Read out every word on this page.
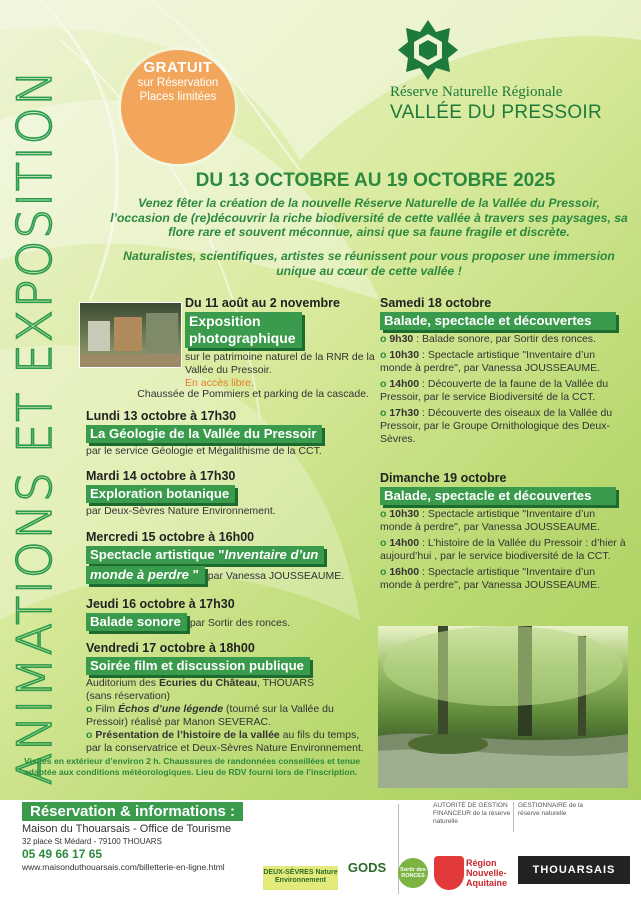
ANIMATIONS ET EXPOSITION
GRATUIT
sur Réservation
Places limitées	Réserve Naturelle Régionale
VALLÉE DU PRESSOIR
DU 13 OCTOBRE AU 19 OCTOBRE 2025
Venez fêter la création de la nouvelle Réserve Naturelle de la Vallée du Pressoir, l’occasion de (re)découvrir la riche biodiversité de cette vallée à travers ses paysages, sa flore rare et souvent méconnue, ainsi que sa faune fragile et discrète.
Naturalistes, scientifiques, artistes se réunissent pour vous proposer une immersion unique au cœur de cette vallée !
Du 11 août au 2 novembre
Exposition
photographique
sur le patrimoine naturel de la RNR de la Vallée du Pressoir.
En accès libre.
Chaussée de Pommiers et parking de la cascade.
Lundi 13 octobre à 17h30
La Géologie de la Vallée du Pressoir
par le service Géologie et Mégalithisme de la CCT.
Mardi 14 octobre à 17h30
Exploration botanique
par Deux-Sèvres Nature Environnement.
Mercredi 15 octobre à 16h00
Spectacle artistique "Inventaire d’un
monde à perdre " par Vanessa JOUSSEAUME.
Jeudi 16 octobre à 17h30
Balade sonore par Sortir des ronces.
Vendredi 17 octobre à 18h00
Soirée film et discussion publique
Auditorium des Écuries du Château, THOUARS
(sans réservation)
o Film Échos d’une légende (tourné sur la Vallée du Pressoir) réalisé par Manon SEVERAC.
o Présentation de l’histoire de la vallée au fils du temps, par la conservatrice et Deux-Sèvres Nature Environnement.
Samedi 18 octobre
Balade, spectacle et découvertes
o 9h30 : Balade sonore, par Sortir des ronces.
o 10h30 : Spectacle artistique "Inventaire d’un monde à perdre", par Vanessa JOUSSEAUME.
o 14h00 : Découverte de la faune de la Vallée du Pressoir, par le service Biodiversité de la CCT.
o 17h30 : Découverte des oiseaux de la Vallée du Pressoir, par le Groupe Ornithologique des Deux-Sèvres.
Dimanche 19 octobre
Balade, spectacle et découvertes
o 10h30 : Spectacle artistique "Inventaire d’un monde à perdre", par Vanessa JOUSSEAUME.
o 14h00 : L’histoire de la Vallée du Pressoir : d’hier à aujourd’hui , par le service biodiversité de la CCT.
o 16h00 : Spectacle artistique "Inventaire d’un monde à perdre", par Vanessa JOUSSEAUME.
Visites en extérieur d’environ 2 h. Chaussures de randonnées conseillées et tenue adaptée aux conditions météorologiques. Lieu de RDV fourni lors de l’inscription.
AUTORITÉ DE GESTION FINANCEUR de la réserve naturelle
GESTIONNAIRE de la réserve naturelle
Réservation & informations :
Maison du Thouarsais - Office de Tourisme
32 place St Médard - 79100 THOUARS
05 49 66 17 65
www.maisonduthouarsais.com/billetterie-en-ligne.html
DEUX-SÈVRES Nature Environnement
GODS	Sortir des RONCES
Région Nouvelle-Aquitaine
THOUARSAIS
